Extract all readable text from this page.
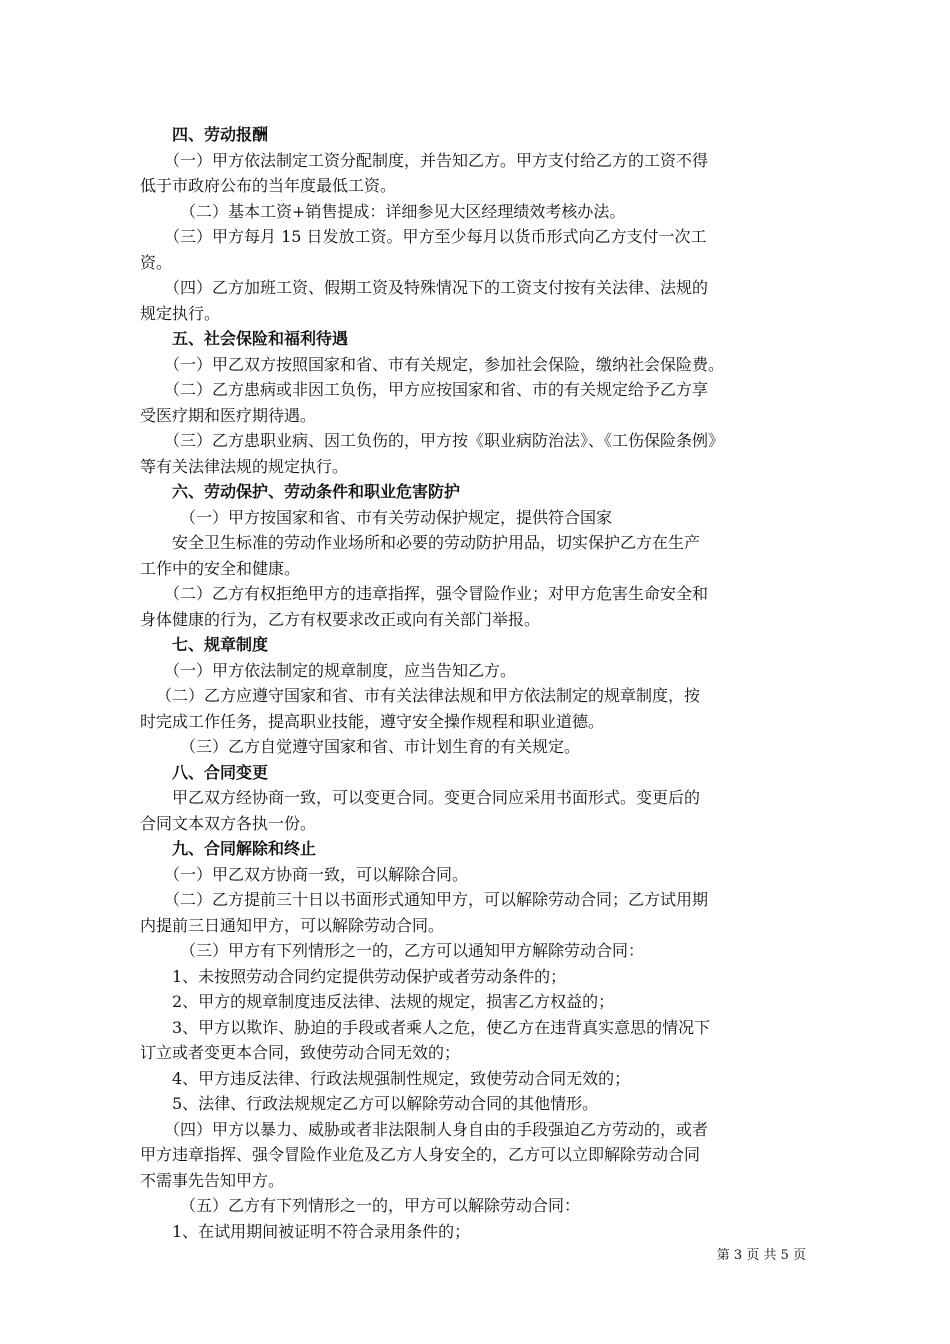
四、劳动报酬
（一）甲方依法制定工资分配制度，并告知乙方。甲方支付给乙方的工资不得
低于市政府公布的当年度最低工资。
（二）基本工资+销售提成：详细参见大区经理绩效考核办法。
（三）甲方每月 15 日发放工资。甲方至少每月以货币形式向乙方支付一次工
资。
（四）乙方加班工资、假期工资及特殊情况下的工资支付按有关法律、法规的
规定执行。
五、社会保险和福利待遇
（一）甲乙双方按照国家和省、市有关规定，参加社会保险，缴纳社会保险费。
（二）乙方患病或非因工负伤，甲方应按国家和省、市的有关规定给予乙方享
受医疗期和医疗期待遇。
（三）乙方患职业病、因工负伤的，甲方按《职业病防治法》、《工伤保险条例》
等有关法律法规的规定执行。
六、劳动保护、劳动条件和职业危害防护
（一）甲方按国家和省、市有关劳动保护规定，提供符合国家
安全卫生标准的劳动作业场所和必要的劳动防护用品，切实保护乙方在生产
工作中的安全和健康。
（二）乙方有权拒绝甲方的违章指挥，强令冒险作业；对甲方危害生命安全和
身体健康的行为，乙方有权要求改正或向有关部门举报。
七、规章制度
（一）甲方依法制定的规章制度，应当告知乙方。
（二）乙方应遵守国家和省、市有关法律法规和甲方依法制定的规章制度，按
时完成工作任务，提高职业技能，遵守安全操作规程和职业道德。
（三）乙方自觉遵守国家和省、市计划生育的有关规定。
八、合同变更
甲乙双方经协商一致，可以变更合同。变更合同应采用书面形式。变更后的
合同文本双方各执一份。
九、合同解除和终止
（一）甲乙双方协商一致，可以解除合同。
（二）乙方提前三十日以书面形式通知甲方，可以解除劳动合同；乙方试用期
内提前三日通知甲方，可以解除劳动合同。
（三）甲方有下列情形之一的，乙方可以通知甲方解除劳动合同：
1、未按照劳动合同约定提供劳动保护或者劳动条件的；
2、甲方的规章制度违反法律、法规的规定，损害乙方权益的；
3、甲方以欺诈、胁迫的手段或者乘人之危，使乙方在违背真实意思的情况下
订立或者变更本合同，致使劳动合同无效的；
4、甲方违反法律、行政法规强制性规定，致使劳动合同无效的；
5、法律、行政法规规定乙方可以解除劳动合同的其他情形。
（四）甲方以暴力、威胁或者非法限制人身自由的手段强迫乙方劳动的，或者
甲方违章指挥、强令冒险作业危及乙方人身安全的，乙方可以立即解除劳动合同
不需事先告知甲方。
（五）乙方有下列情形之一的，甲方可以解除劳动合同：
1、在试用期间被证明不符合录用条件的；
第 3 页 共 5 页
